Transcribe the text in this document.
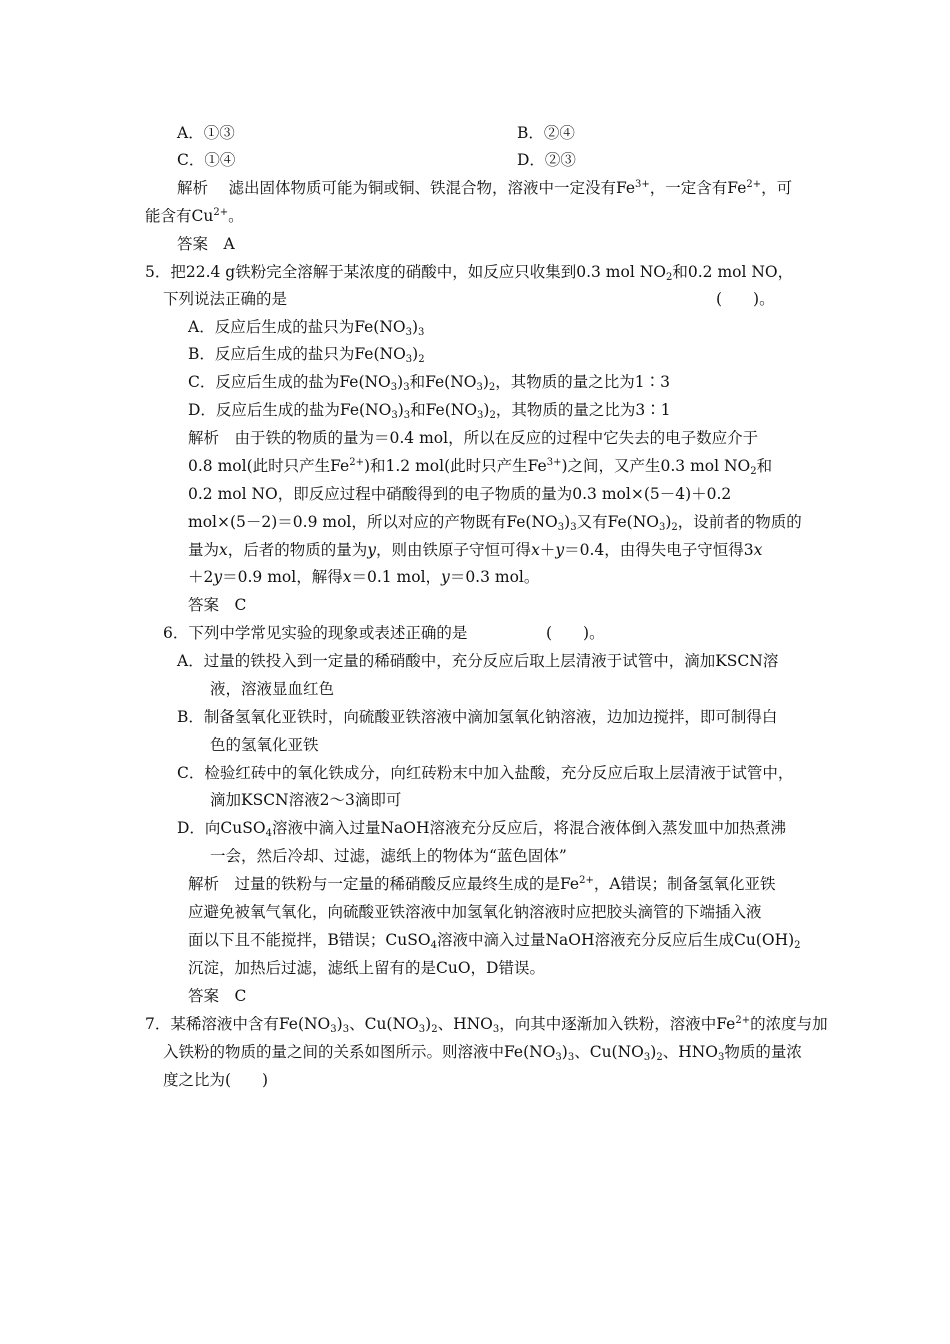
A．①③	B．②④
C．①④	D．②③
解析　 滤出固体物质可能为铜或铜、铁混合物，溶液中一定没有$Fe^{3+}$，一定含有$Fe^{2+}$，可
能含有$Cu^{2+}$。
答案　A
5．把22.4 g铁粉完全溶解于某浓度的硝酸中，如反应只收集到0.3 mol $NO_2$和0.2 mol NO，
下列说法正确的是	(　　)。
A．反应后生成的盐只为$Fe(NO_3)_3$
B．反应后生成的盐只为$Fe(NO_3)_2$
C．反应后生成的盐为$Fe(NO_3)_3$和$Fe(NO_3)_2$，其物质的量之比为1∶3
D．反应后生成的盐为$Fe(NO_3)_3$和$Fe(NO_3)_2$，其物质的量之比为3∶1
解析　由于铁的物质的量为＝0.4 mol，所以在反应的过程中它失去的电子数应介于
0.8 mol(此时只产生$Fe^{2+}$)和1.2 mol(此时只产生$Fe^{3+}$)之间，又产生0.3 mol $NO_2$和
0.2 mol NO，即反应过程中硝酸得到的电子物质的量为0.3 mol×(5－4)＋0.2
mol×(5－2)＝0.9 mol，所以对应的产物既有$Fe(NO_3)_3$又有$Fe(NO_3)_2$，设前者的物质的
量为x，后者的物质的量为y，则由铁原子守恒可得x＋y＝0.4，由得失电子守恒得3x
＋2y＝0.9 mol，解得x＝0.1 mol，y＝0.3 mol。
答案　C
6．下列中学常见实验的现象或表述正确的是	(　　)。
A．过量的铁投入到一定量的稀硝酸中，充分反应后取上层清液于试管中，滴加KSCN溶
液，溶液显血红色
B．制备氢氧化亚铁时，向硫酸亚铁溶液中滴加氢氧化钠溶液，边加边搅拌，即可制得白
色的氢氧化亚铁
C．检验红砖中的氧化铁成分，向红砖粉末中加入盐酸，充分反应后取上层清液于试管中，
滴加KSCN溶液2～3滴即可
D．向CuSO$_4$溶液中滴入过量NaOH溶液充分反应后，将混合液体倒入蒸发皿中加热煮沸
一会，然后冷却、过滤，滤纸上的物体为“蓝色固体”
解析　过量的铁粉与一定量的稀硝酸反应最终生成的是$Fe^{2+}$，A错误；制备氢氧化亚铁
应避免被氧气氧化，向硫酸亚铁溶液中加氢氧化钠溶液时应把胶头滴管的下端插入液
面以下且不能搅拌，B错误；CuSO$_4$溶液中滴入过量NaOH溶液充分反应后生成$Cu(OH)_2$
沉淀，加热后过滤，滤纸上留有的是CuO，D错误。
答案　C
7．某稀溶液中含有$Fe(NO_3)_3$、$Cu(NO_3)_2$、$HNO_3$，向其中逐渐加入铁粉，溶液中$Fe^{2+}$的浓度与加
入铁粉的物质的量之间的关系如图所示。则溶液中$Fe(NO_3)_3$、$Cu(NO_3)_2$、$HNO_3$物质的量浓
度之比为(　　)
